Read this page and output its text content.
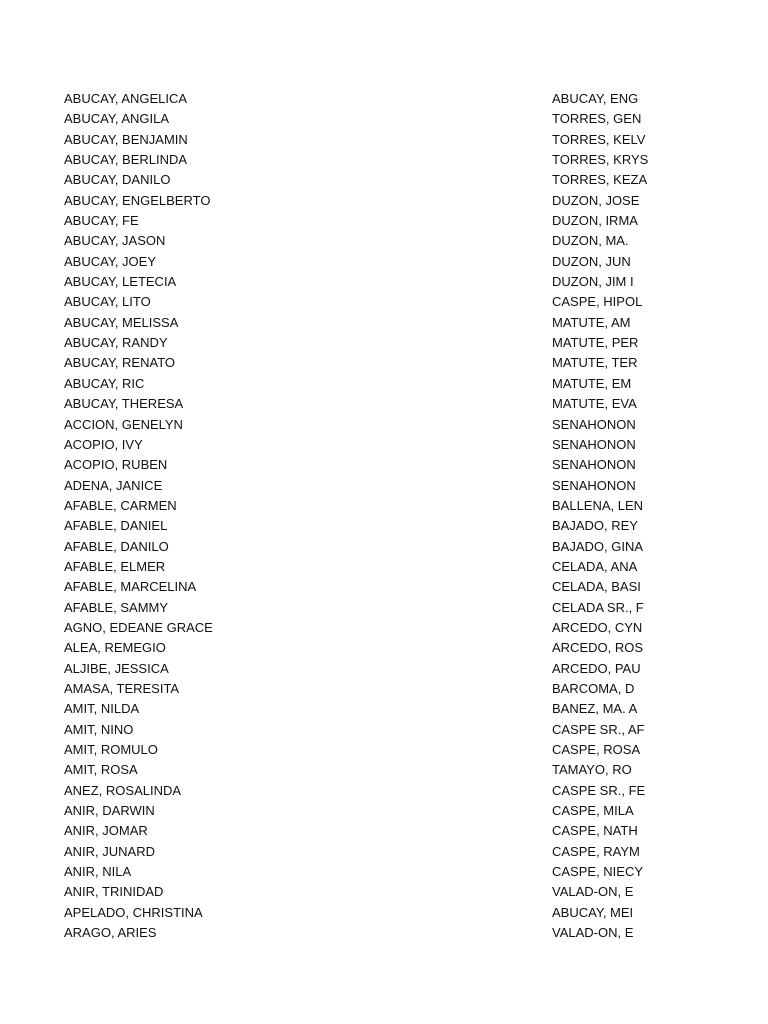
ABUCAY, ANGELICA
ABUCAY, ANGILA
ABUCAY, BENJAMIN
ABUCAY, BERLINDA
ABUCAY, DANILO
ABUCAY, ENGELBERTO
ABUCAY, FE
ABUCAY, JASON
ABUCAY, JOEY
ABUCAY, LETECIA
ABUCAY, LITO
ABUCAY, MELISSA
ABUCAY, RANDY
ABUCAY, RENATO
ABUCAY, RIC
ABUCAY, THERESA
ACCION, GENELYN
ACOPIO, IVY
ACOPIO, RUBEN
ADENA, JANICE
AFABLE, CARMEN
AFABLE, DANIEL
AFABLE, DANILO
AFABLE, ELMER
AFABLE, MARCELINA
AFABLE, SAMMY
AGNO, EDEANE GRACE
ALEA, REMEGIO
ALJIBE, JESSICA
AMASA, TERESITA
AMIT, NILDA
AMIT, NINO
AMIT, ROMULO
AMIT, ROSA
ANEZ, ROSALINDA
ANIR, DARWIN
ANIR, JOMAR
ANIR, JUNARD
ANIR, NILA
ANIR, TRINIDAD
APELADO, CHRISTINA
ARAGO, ARIES
ABUCAY, ENG
TORRES, GEN
TORRES, KELV
TORRES, KRYS
TORRES, KEZA
DUZON, JOSE
DUZON, IRMA
DUZON, MA.
DUZON, JUN
DUZON, JIM I
CASPE, HIPOL
MATUTE, AM
MATUTE, PER
MATUTE, TER
MATUTE, EM
MATUTE, EVA
SENAHONON
SENAHONON
SENAHONON
SENAHONON
BALLENA, LEN
BAJADO, REY
BAJADO, GINA
CELADA, ANA
CELADA, BASI
CELADA SR., F
ARCEDO, CYN
ARCEDO, ROS
ARCEDO, PAU
BARCOMA, D
BANEZ, MA. A
CASPE SR., AF
CASPE, ROSA
TAMAYO, RO
CASPE SR., FE
CASPE, MILA
CASPE, NATH
CASPE, RAYM
CASPE, NIECY
VALAD-ON, E
ABUCAY, MEI
VALAD-ON, E
